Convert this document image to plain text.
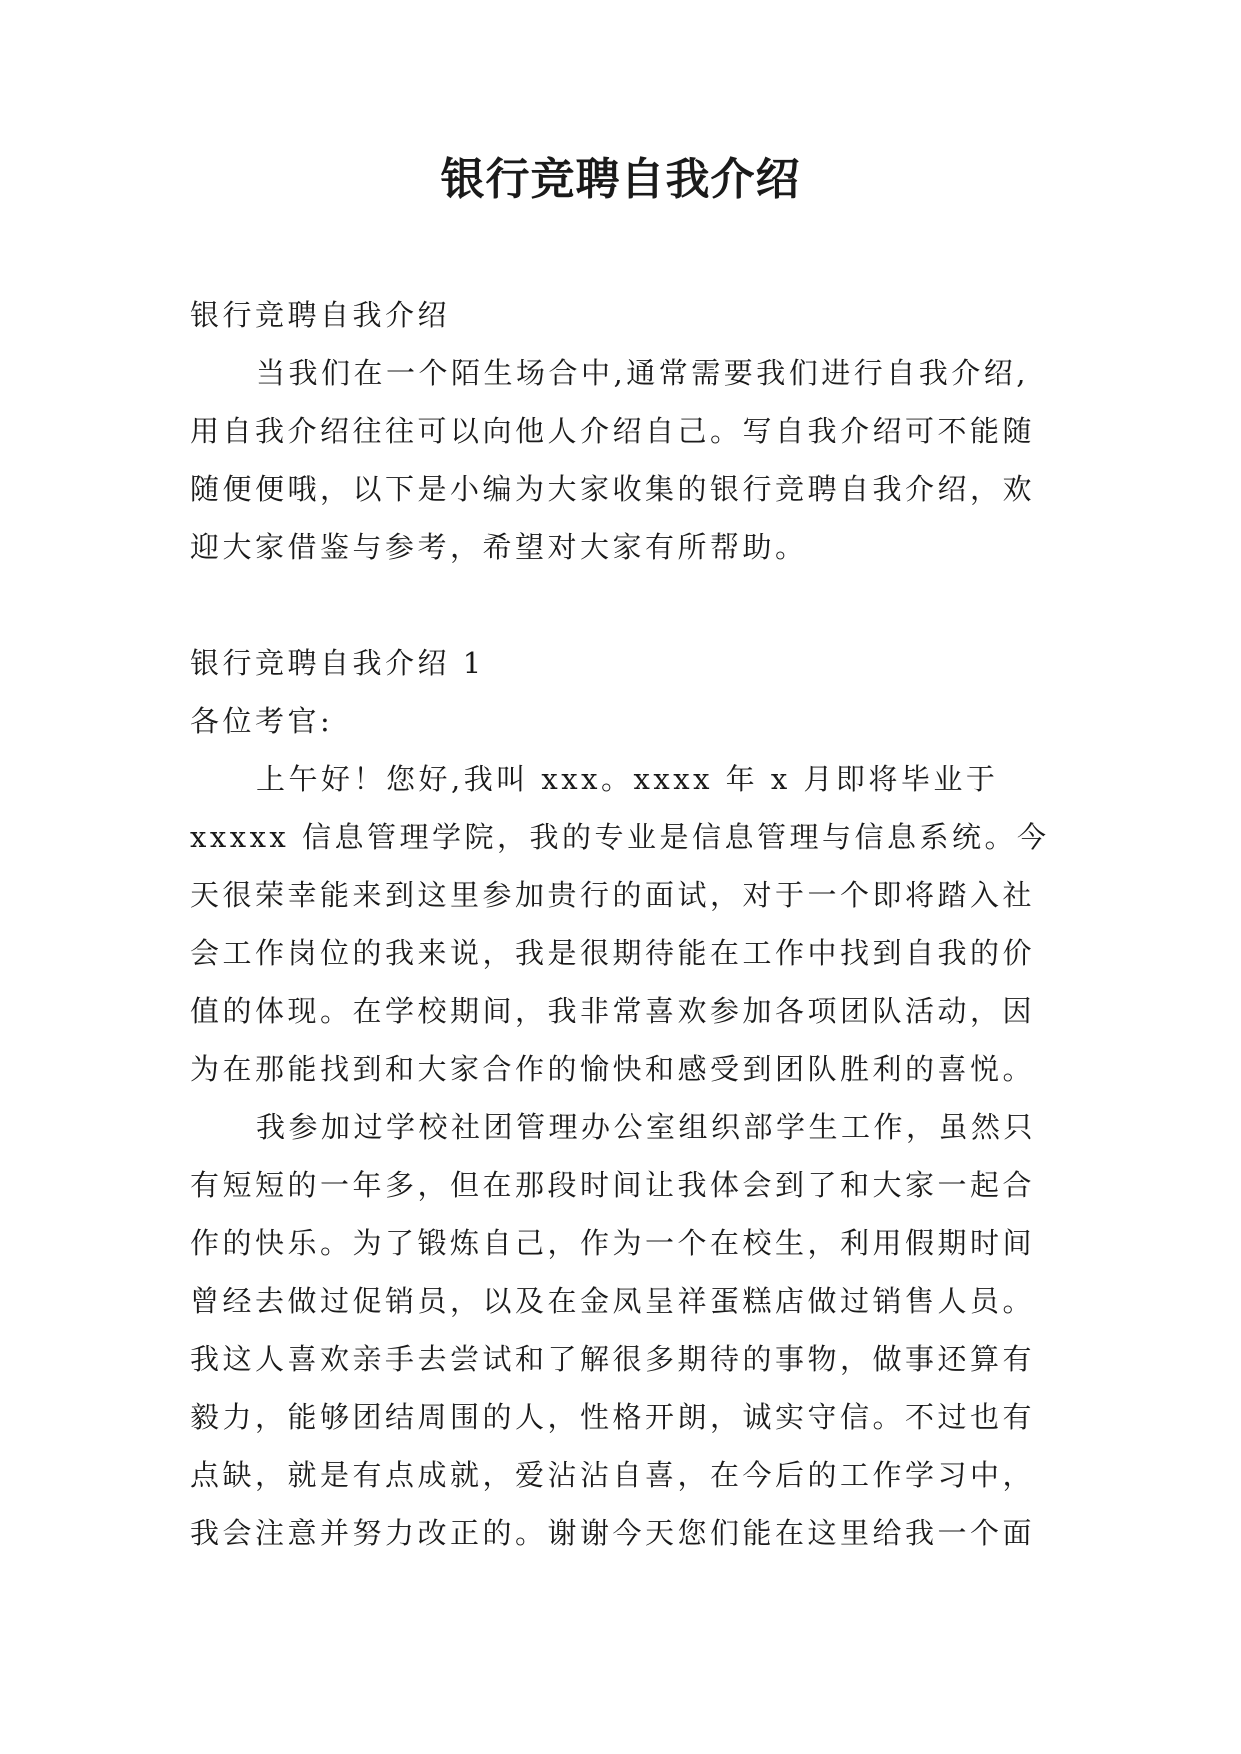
银行竞聘自我介绍

银行竞聘自我介绍

当我们在一个陌生场合中,通常需要我们进行自我介绍,用自我介绍往往可以向他人介绍自己。写自我介绍可不能随随便便哦，以下是小编为大家收集的银行竞聘自我介绍，欢迎大家借鉴与参考，希望对大家有所帮助。

银行竞聘自我介绍 1

各位考官:

上午好！您好,我叫 xxx。xxxx 年 x 月即将毕业于 xxxxx 信息管理学院，我的专业是信息管理与信息系统。今天很荣幸能来到这里参加贵行的面试，对于一个即将踏入社会工作岗位的我来说，我是很期待能在工作中找到自我的价值的体现。在学校期间，我非常喜欢参加各项团队活动，因为在那能找到和大家合作的愉快和感受到团队胜利的喜悦。

我参加过学校社团管理办公室组织部学生工作，虽然只有短短的一年多，但在那段时间让我体会到了和大家一起合作的快乐。为了锻炼自己，作为一个在校生，利用假期时间曾经去做过促销员，以及在金凤呈祥蛋糕店做过销售人员。我这人喜欢亲手去尝试和了解很多期待的事物，做事还算有毅力，能够团结周围的人，性格开朗，诚实守信。不过也有点缺，就是有点成就，爱沾沾自喜，在今后的工作学习中，我会注意并努力改正的。谢谢今天您们能在这里给我一个面
